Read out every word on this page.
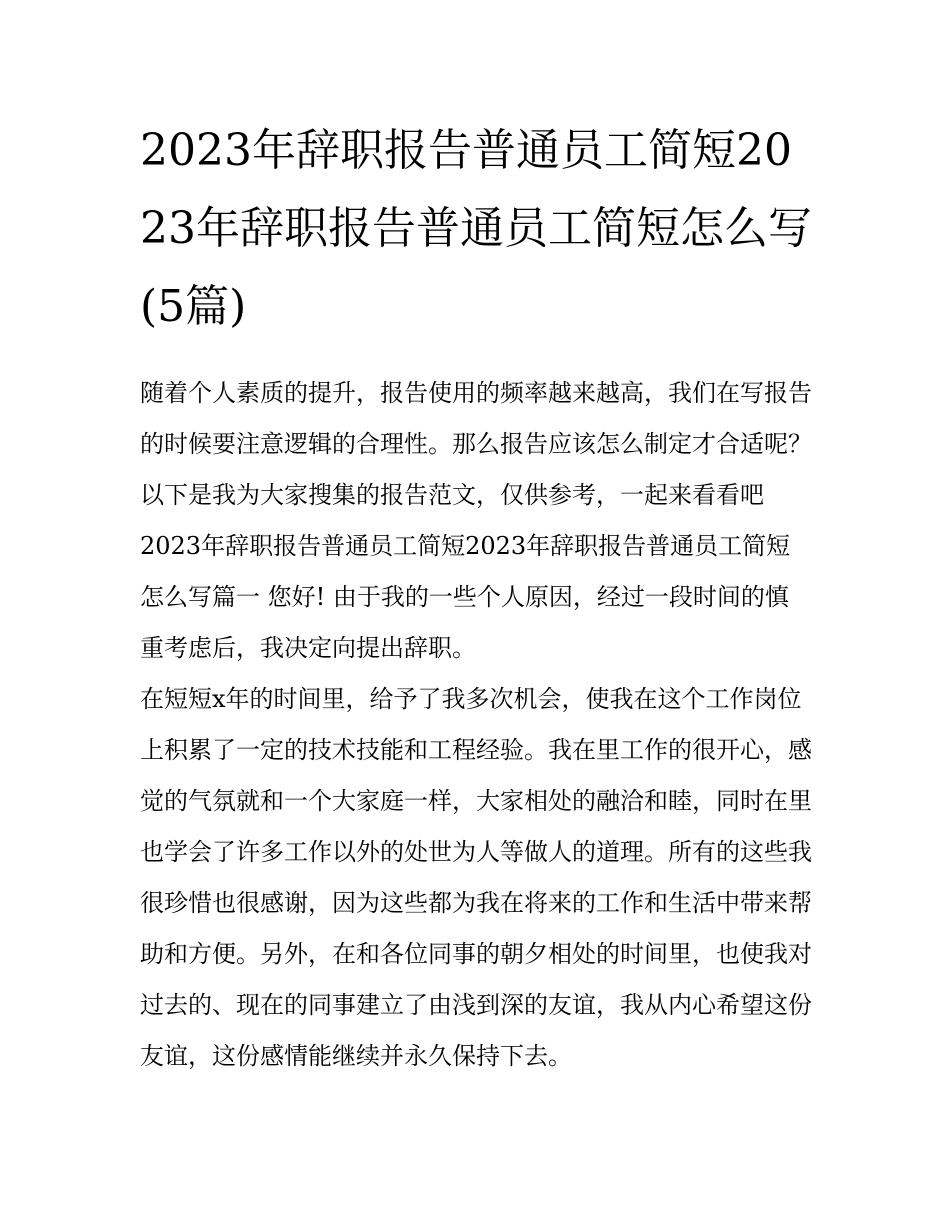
2023年辞职报告普通员工简短2023年辞职报告普通员工简短怎么写(5篇)

随着个人素质的提升，报告使用的频率越来越高，我们在写报告的时候要注意逻辑的合理性。那么报告应该怎么制定才合适呢？以下是我为大家搜集的报告范文，仅供参考，一起来看看吧

2023年辞职报告普通员工简短2023年辞职报告普通员工简短怎么写篇一 您好! 由于我的一些个人原因，经过一段时间的慎重考虑后，我决定向提出辞职。

在短短x年的时间里，给予了我多次机会，使我在这个工作岗位上积累了一定的技术技能和工程经验。我在里工作的很开心，感觉的气氛就和一个大家庭一样，大家相处的融洽和睦，同时在里也学会了许多工作以外的处世为人等做人的道理。所有的这些我很珍惜也很感谢，因为这些都为我在将来的工作和生活中带来帮助和方便。另外，在和各位同事的朝夕相处的时间里，也使我对过去的、现在的同事建立了由浅到深的友谊，我从内心希望这份友谊，这份感情能继续并永久保持下去。
